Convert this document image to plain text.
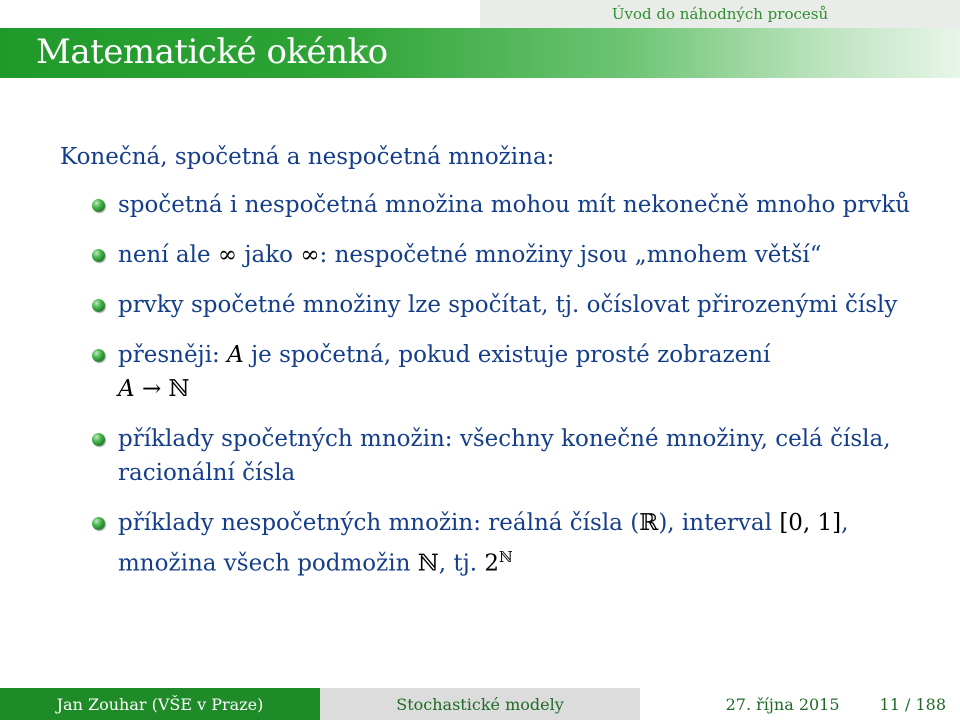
Úvod do náhodných procesů
Matematické okénko
Konečná, spočetná a nespočetná množina:
spočetná i nespočetná množina mohou mít nekonečně mnoho prvků
není ale ∞ jako ∞: nespočetné množiny jsou „mnohem větší“
prvky spočetné množiny lze spočítat, tj. očíslovat přirozenými čísly
přesněji: A je spočetná, pokud existuje prosté zobrazení
A → ℕ
příklady spočetných množin: všechny konečné množiny, celá čísla, racionální čísla
příklady nespočetných množin: reálná čísla (ℝ), interval [0, 1], množina všech podmožin ℕ, tj. $2^ℕ$
Jan Zouhar (VŠE v Praze)	Stochastické modely	27. října 2015	11 / 188
